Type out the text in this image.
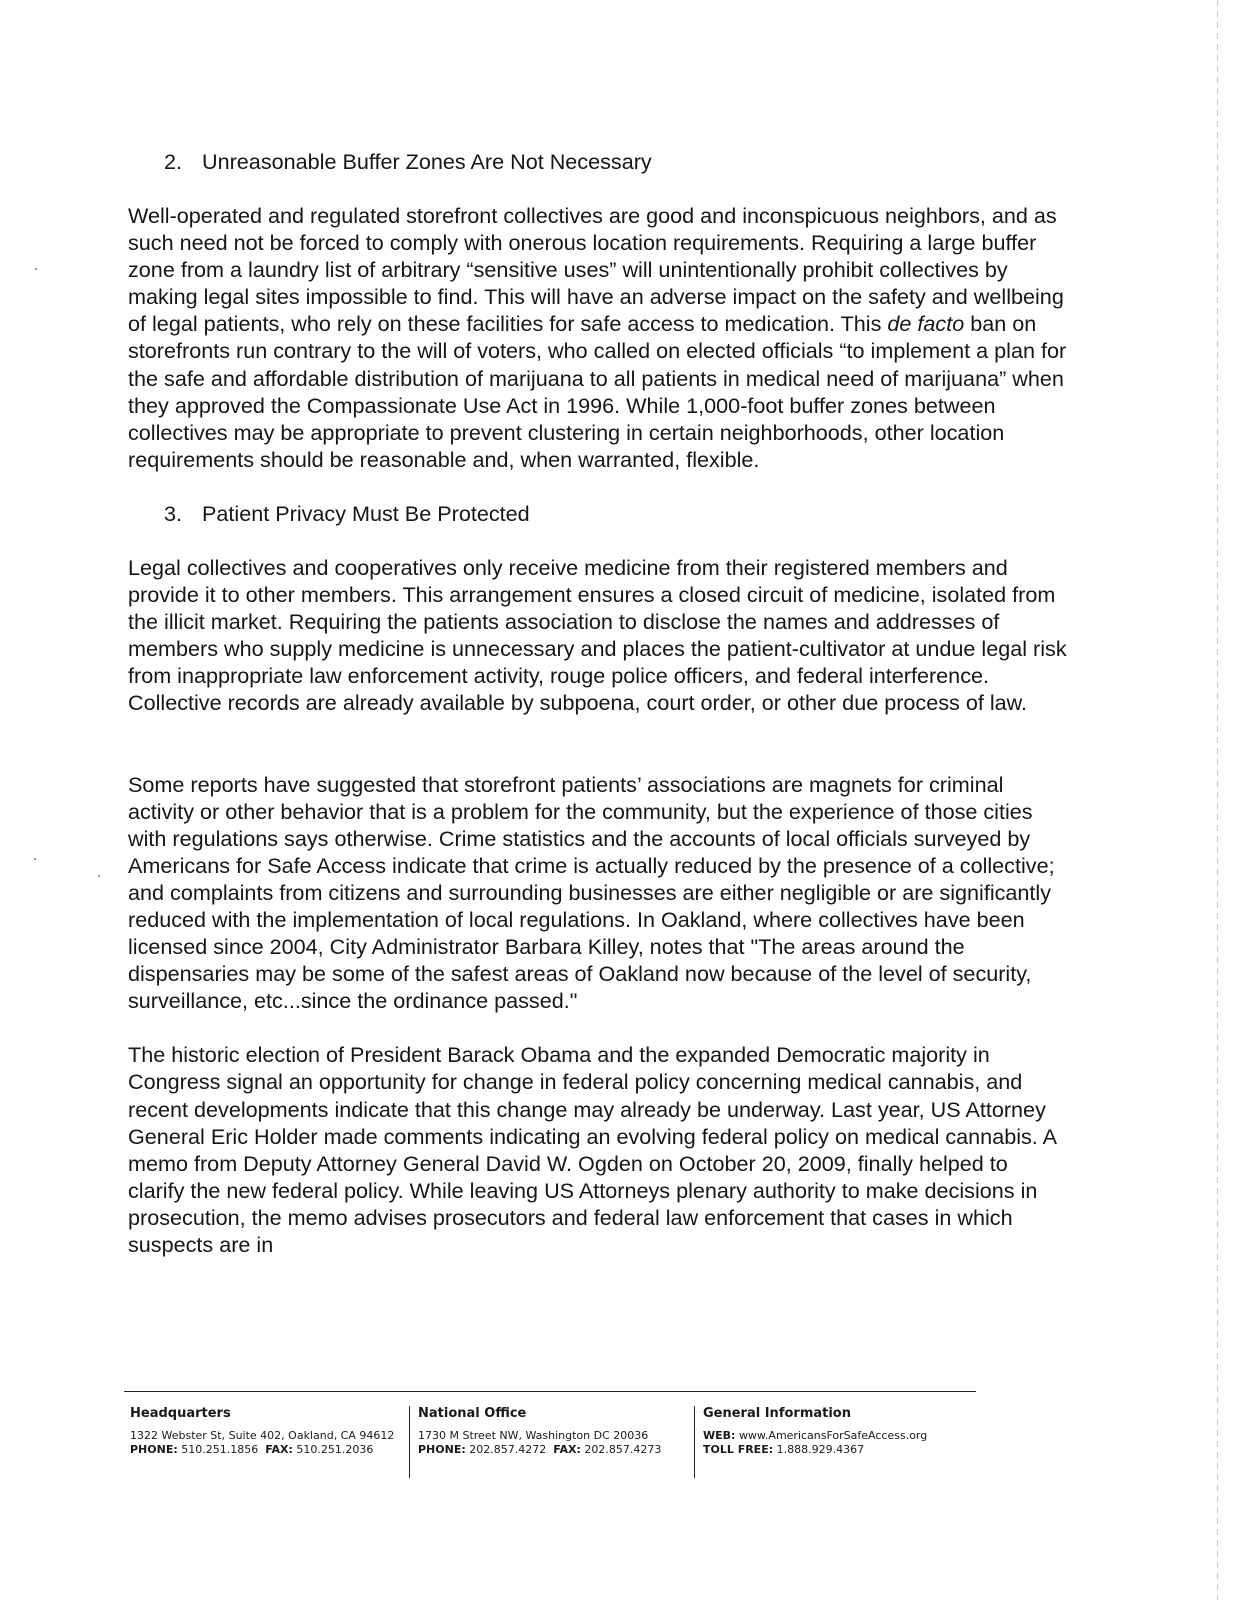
2. Unreasonable Buffer Zones Are Not Necessary

Well-operated and regulated storefront collectives are good and inconspicuous neighbors, and as such need not be forced to comply with onerous location requirements. Requiring a large buffer zone from a laundry list of arbitrary “sensitive uses” will unintentionally prohibit collectives by making legal sites impossible to find. This will have an adverse impact on the safety and wellbeing of legal patients, who rely on these facilities for safe access to medication. This de facto ban on storefronts run contrary to the will of voters, who called on elected officials “to implement a plan for the safe and affordable distribution of marijuana to all patients in medical need of marijuana” when they approved the Compassionate Use Act in 1996. While 1,000-foot buffer zones between collectives may be appropriate to prevent clustering in certain neighborhoods, other location requirements should be reasonable and, when warranted, flexible.

3. Patient Privacy Must Be Protected

Legal collectives and cooperatives only receive medicine from their registered members and provide it to other members. This arrangement ensures a closed circuit of medicine, isolated from the illicit market. Requiring the patients association to disclose the names and addresses of members who supply medicine is unnecessary and places the patient-cultivator at undue legal risk from inappropriate law enforcement activity, rouge police officers, and federal interference. Collective records are already available by subpoena, court order, or other due process of law.

Some reports have suggested that storefront patients’ associations are magnets for criminal activity or other behavior that is a problem for the community, but the experience of those cities with regulations says otherwise. Crime statistics and the accounts of local officials surveyed by Americans for Safe Access indicate that crime is actually reduced by the presence of a collective; and complaints from citizens and surrounding businesses are either negligible or are significantly reduced with the implementation of local regulations. In Oakland, where collectives have been licensed since 2004, City Administrator Barbara Killey, notes that "The areas around the dispensaries may be some of the safest areas of Oakland now because of the level of security, surveillance, etc...since the ordinance passed."

The historic election of President Barack Obama and the expanded Democratic majority in Congress signal an opportunity for change in federal policy concerning medical cannabis, and recent developments indicate that this change may already be underway. Last year, US Attorney General Eric Holder made comments indicating an evolving federal policy on medical cannabis. A memo from Deputy Attorney General David W. Ogden on October 20, 2009, finally helped to clarify the new federal policy. While leaving US Attorneys plenary authority to make decisions in prosecution, the memo advises prosecutors and federal law enforcement that cases in which suspects are in

Headquarters
1322 Webster St, Suite 402, Oakland, CA 94612
PHONE: 510.251.1856 FAX: 510.251.2036
National Office
1730 M Street NW, Washington DC 20036
PHONE: 202.857.4272 FAX: 202.857.4273
General Information
WEB: www.AmericansForSafeAccess.org
TOLL FREE: 1.888.929.4367
